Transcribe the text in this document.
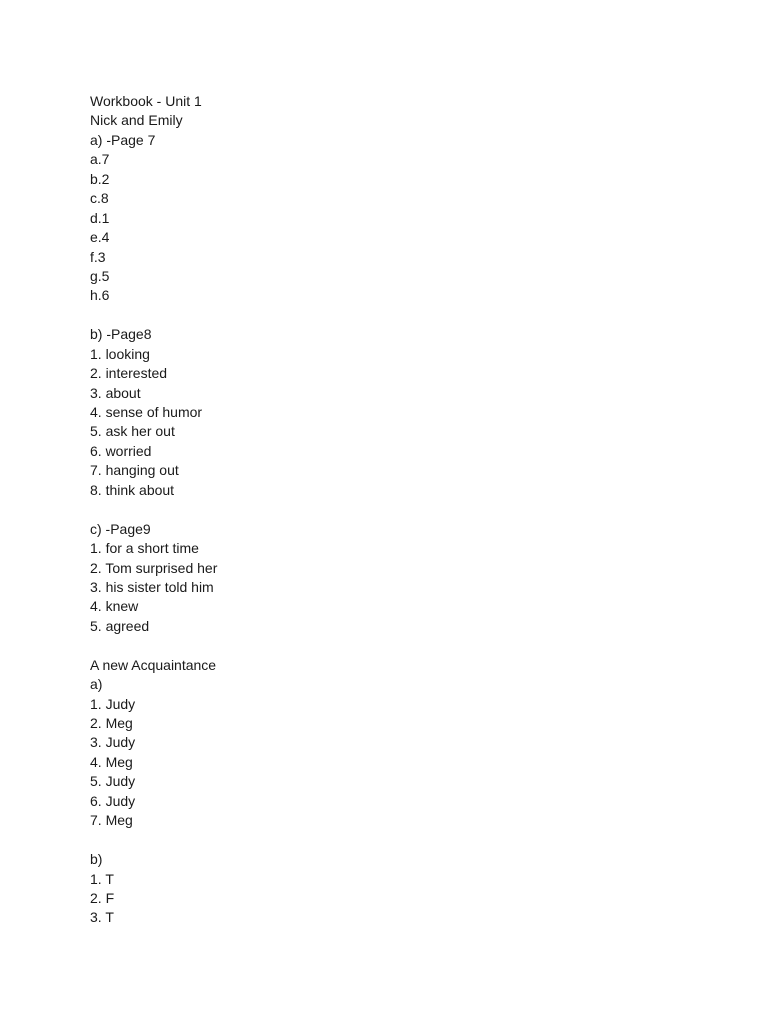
Workbook - Unit 1
Nick and Emily
a) -Page 7
a.7
b.2
c.8
d.1
e.4
f.3
g.5
h.6
b) -Page8
1. looking
2. interested
3. about
4. sense of humor
5. ask her out
6. worried
7. hanging out
8. think about
c) -Page9
1. for a short time
2. Tom surprised her
3. his sister told him
4. knew
5. agreed
A new Acquaintance
a)
1. Judy
2. Meg
3. Judy
4. Meg
5. Judy
6. Judy
7. Meg
b)
1. T
2. F
3. T
